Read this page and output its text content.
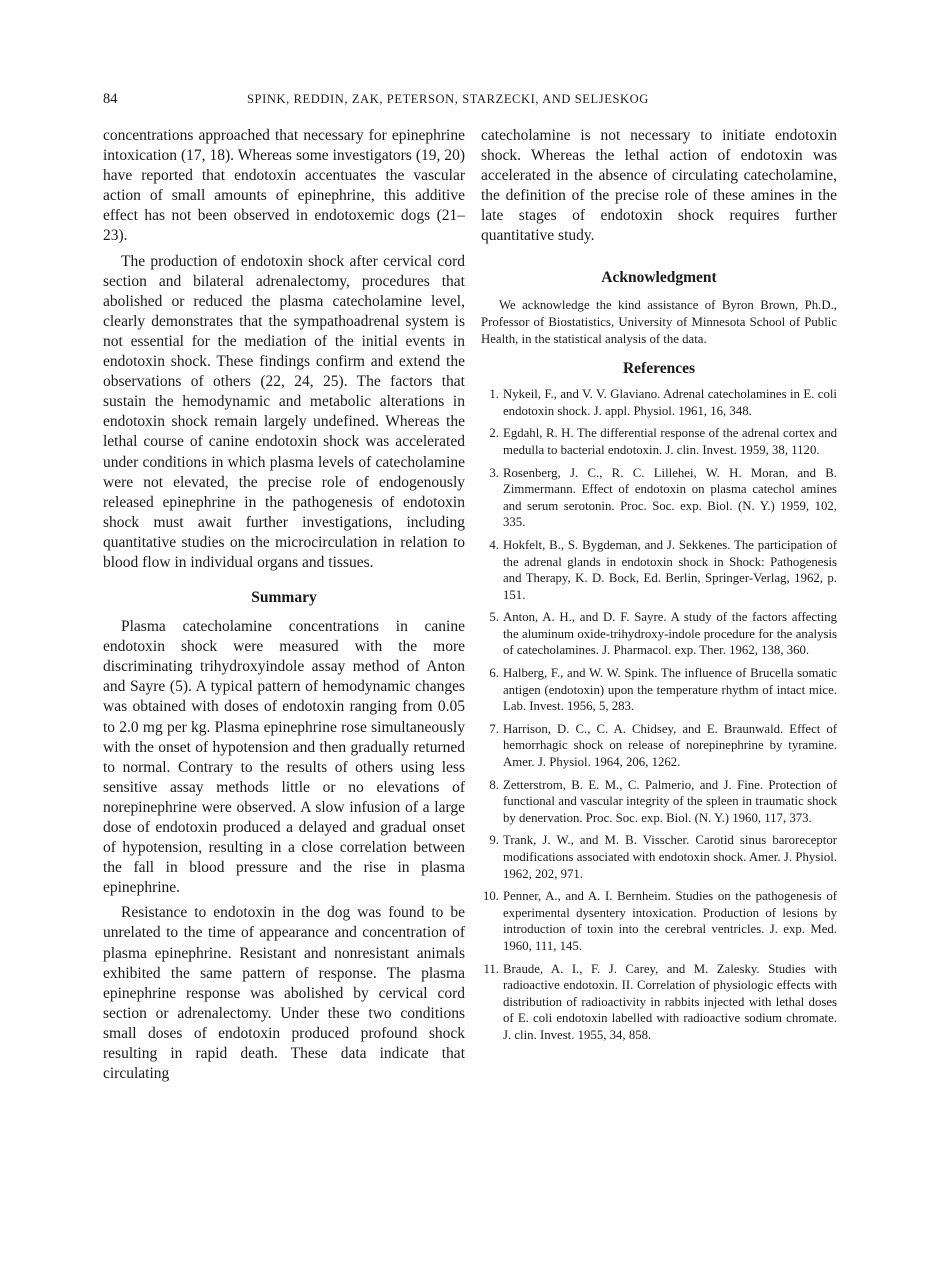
84	SPINK, REDDIN, ZAK, PETERSON, STARZECKI, AND SELJESKOG

concentrations approached that necessary for epinephrine intoxication (17, 18). Whereas some investigators (19, 20) have reported that endotoxin accentuates the vascular action of small amounts of epinephrine, this additive effect has not been observed in endotoxemic dogs (21–23).

The production of endotoxin shock after cervical cord section and bilateral adrenalectomy, procedures that abolished or reduced the plasma catecholamine level, clearly demonstrates that the sympathoadrenal system is not essential for the mediation of the initial events in endotoxin shock. These findings confirm and extend the observations of others (22, 24, 25). The factors that sustain the hemodynamic and metabolic alterations in endotoxin shock remain largely undefined. Whereas the lethal course of canine endotoxin shock was accelerated under conditions in which plasma levels of catecholamine were not elevated, the precise role of endogenously released epinephrine in the pathogenesis of endotoxin shock must await further investigations, including quantitative studies on the microcirculation in relation to blood flow in individual organs and tissues.

Summary

Plasma catecholamine concentrations in canine endotoxin shock were measured with the more discriminating trihydroxyindole assay method of Anton and Sayre (5). A typical pattern of hemodynamic changes was obtained with doses of endotoxin ranging from 0.05 to 2.0 mg per kg. Plasma epinephrine rose simultaneously with the onset of hypotension and then gradually returned to normal. Contrary to the results of others using less sensitive assay methods little or no elevations of norepinephrine were observed. A slow infusion of a large dose of endotoxin produced a delayed and gradual onset of hypotension, resulting in a close correlation between the fall in blood pressure and the rise in plasma epinephrine.

Resistance to endotoxin in the dog was found to be unrelated to the time of appearance and concentration of plasma epinephrine. Resistant and nonresistant animals exhibited the same pattern of response. The plasma epinephrine response was abolished by cervical cord section or adrenalectomy. Under these two conditions small doses of endotoxin produced profound shock resulting in rapid death. These data indicate that circulating

catecholamine is not necessary to initiate endotoxin shock. Whereas the lethal action of endotoxin was accelerated in the absence of circulating catecholamine, the definition of the precise role of these amines in the late stages of endotoxin shock requires further quantitative study.

Acknowledgment

We acknowledge the kind assistance of Byron Brown, Ph.D., Professor of Biostatistics, University of Minnesota School of Public Health, in the statistical analysis of the data.

References
1. Nykeil, F., and V. V. Glaviano. Adrenal catecholamines in E. coli endotoxin shock. J. appl. Physiol. 1961, 16, 348.
2. Egdahl, R. H. The differential response of the adrenal cortex and medulla to bacterial endotoxin. J. clin. Invest. 1959, 38, 1120.
3. Rosenberg, J. C., R. C. Lillehei, W. H. Moran, and B. Zimmermann. Effect of endotoxin on plasma catechol amines and serum serotonin. Proc. Soc. exp. Biol. (N. Y.) 1959, 102, 335.
4. Hokfelt, B., S. Bygdeman, and J. Sekkenes. The participation of the adrenal glands in endotoxin shock in Shock: Pathogenesis and Therapy, K. D. Bock, Ed. Berlin, Springer-Verlag, 1962, p. 151.
5. Anton, A. H., and D. F. Sayre. A study of the factors affecting the aluminum oxide-trihydroxy-indole procedure for the analysis of catecholamines. J. Pharmacol. exp. Ther. 1962, 138, 360.
6. Halberg, F., and W. W. Spink. The influence of Brucella somatic antigen (endotoxin) upon the temperature rhythm of intact mice. Lab. Invest. 1956, 5, 283.
7. Harrison, D. C., C. A. Chidsey, and E. Braunwald. Effect of hemorrhagic shock on release of norepinephrine by tyramine. Amer. J. Physiol. 1964, 206, 1262.
8. Zetterstrom, B. E. M., C. Palmerio, and J. Fine. Protection of functional and vascular integrity of the spleen in traumatic shock by denervation. Proc. Soc. exp. Biol. (N. Y.) 1960, 117, 373.
9. Trank, J. W., and M. B. Visscher. Carotid sinus baroreceptor modifications associated with endotoxin shock. Amer. J. Physiol. 1962, 202, 971.
10. Penner, A., and A. I. Bernheim. Studies on the pathogenesis of experimental dysentery intoxication. Production of lesions by introduction of toxin into the cerebral ventricles. J. exp. Med. 1960, 111, 145.
11. Braude, A. I., F. J. Carey, and M. Zalesky. Studies with radioactive endotoxin. II. Correlation of physiologic effects with distribution of radioactivity in rabbits injected with lethal doses of E. coli endotoxin labelled with radioactive sodium chromate. J. clin. Invest. 1955, 34, 858.
